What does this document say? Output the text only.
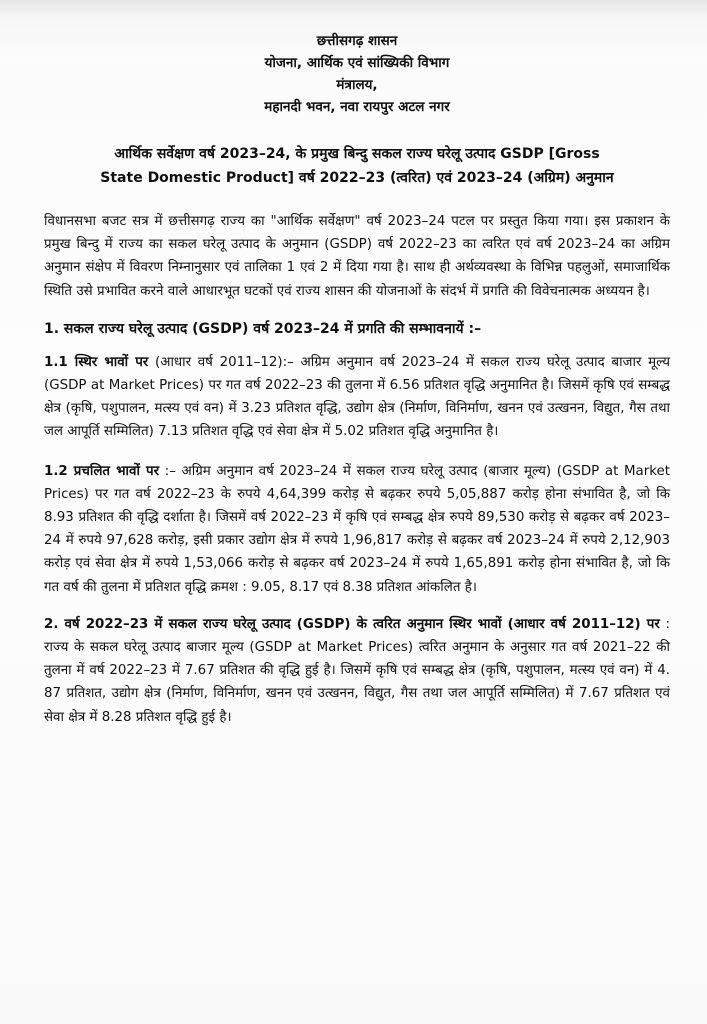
छत्तीसगढ़ शासन
योजना, आर्थिक एवं सांख्यिकी विभाग
मंत्रालय,
महानदी भवन, नवा रायपुर अटल नगर
आर्थिक सर्वेक्षण वर्ष 2023–24, के प्रमुख बिन्दु सकल राज्य घरेलू उत्पाद GSDP [Gross
State Domestic Product] वर्ष 2022–23 (त्वरित) एवं 2023–24 (अग्रिम) अनुमान

विधानसभा बजट सत्र में छत्तीसगढ़ राज्य का "आर्थिक सर्वेक्षण" वर्ष 2023–24 पटल पर प्रस्तुत किया गया। इस प्रकाशन के प्रमुख बिन्दु में राज्य का सकल घरेलू उत्पाद के अनुमान (GSDP) वर्ष 2022–23 का त्वरित एवं वर्ष 2023–24 का अग्रिम अनुमान संक्षेप में विवरण निम्नानुसार एवं तालिका 1 एवं 2 में दिया गया है। साथ ही अर्थव्यवस्था के विभिन्न पहलुओं, समाजार्थिक स्थिति उसे प्रभावित करने वाले आधारभूत घटकों एवं राज्य शासन की योजनाओं के संदर्भ में प्रगति की विवेचनात्मक अध्ययन है।

1. सकल राज्य घरेलू उत्पाद (GSDP) वर्ष 2023–24 में प्रगति की सम्भावनायें :–

1.1 स्थिर भावों पर (आधार वर्ष 2011–12):– अग्रिम अनुमान वर्ष 2023–24 में सकल राज्य घरेलू उत्पाद बाजार मूल्य (GSDP at Market Prices) पर गत वर्ष 2022–23 की तुलना में 6.56 प्रतिशत वृद्धि अनुमानित है। जिसमें कृषि एवं सम्बद्ध क्षेत्र (कृषि, पशुपालन, मत्स्य एवं वन) में 3.23 प्रतिशत वृद्धि, उद्योग क्षेत्र (निर्माण, विनिर्माण, खनन एवं उत्खनन, विद्युत, गैस तथा जल आपूर्ति सम्मिलित) 7.13 प्रतिशत वृद्धि एवं सेवा क्षेत्र में 5.02 प्रतिशत वृद्धि अनुमानित है।

1.2 प्रचलित भावों पर :– अग्रिम अनुमान वर्ष 2023–24 में सकल राज्य घरेलू उत्पाद (बाजार मूल्य) (GSDP at Market Prices) पर गत वर्ष 2022–23 के रुपये 4,64,399 करोड़ से बढ़कर रुपये 5,05,887 करोड़ होना संभावित है, जो कि 8.93 प्रतिशत की वृद्धि दर्शाता है। जिसमें वर्ष 2022–23 में कृषि एवं सम्बद्ध क्षेत्र रुपये 89,530 करोड़ से बढ़कर वर्ष 2023–24 में रुपये 97,628 करोड़, इसी प्रकार उद्योग क्षेत्र में रुपये 1,96,817 करोड़ से बढ़कर वर्ष 2023–24 में रुपये 2,12,903 करोड़ एवं सेवा क्षेत्र में रुपये 1,53,066 करोड़ से बढ़कर वर्ष 2023–24 में रुपये 1,65,891 करोड़ होना संभावित है, जो कि गत वर्ष की तुलना में प्रतिशत वृद्धि क्रमश : 9.05, 8.17 एवं 8.38 प्रतिशत आंकलित है।

2. वर्ष 2022–23 में सकल राज्य घरेलू उत्पाद (GSDP) के त्वरित अनुमान स्थिर भावों (आधार वर्ष 2011–12) पर : राज्य के सकल घरेलू उत्पाद बाजार मूल्य (GSDP at Market Prices) त्वरित अनुमान के अनुसार गत वर्ष 2021–22 की तुलना में वर्ष 2022–23 में 7.67 प्रतिशत की वृद्धि हुई है। जिसमें कृषि एवं सम्बद्ध क्षेत्र (कृषि, पशुपालन, मत्स्य एवं वन) में 4. 87 प्रतिशत, उद्योग क्षेत्र (निर्माण, विनिर्माण, खनन एवं उत्खनन, विद्युत, गैस तथा जल आपूर्ति सम्मिलित) में 7.67 प्रतिशत एवं सेवा क्षेत्र में 8.28 प्रतिशत वृद्धि हुई है।
